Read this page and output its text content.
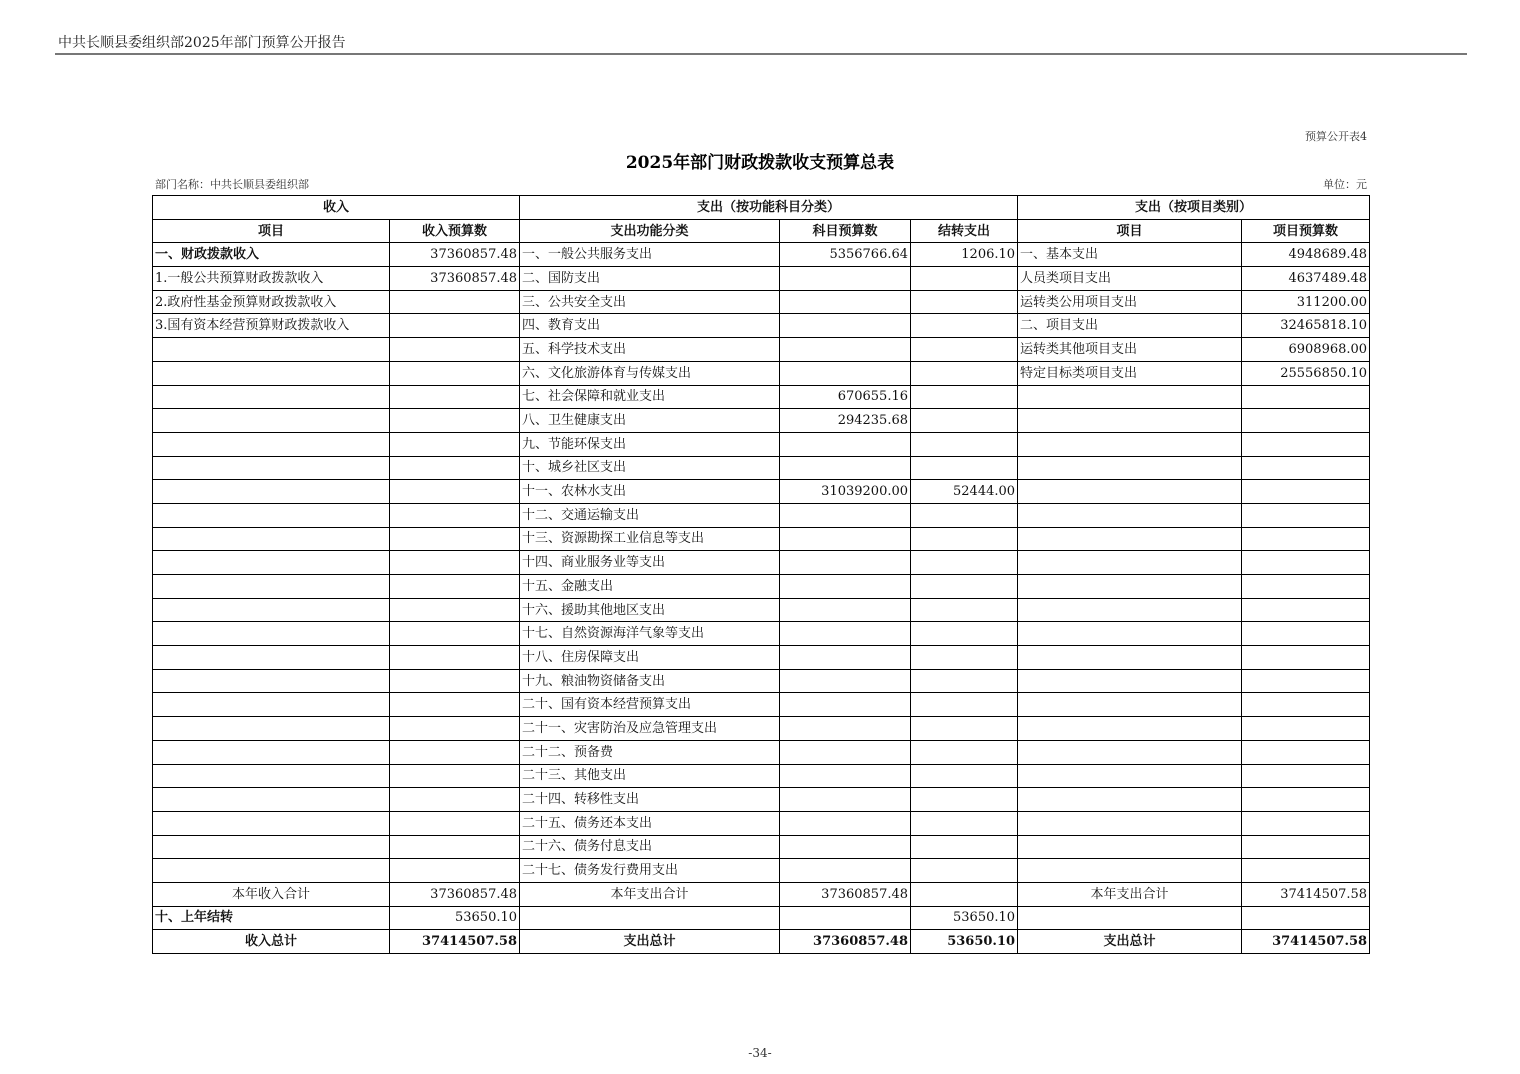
中共长顺县委组织部2025年部门预算公开报告
预算公开表4
2025年部门财政拨款收支预算总表
部门名称：中共长顺县委组织部	单位：元
收入		支出（按功能科目分类）			支出（按项目类别）	
项目	收入预算数	支出功能分类	科目预算数	结转支出	项目	项目预算数
一、财政拨款收入	37360857.48	一、一般公共服务支出	5356766.64	1206.10	一、基本支出	4948689.48
1.一般公共预算财政拨款收入	37360857.48	二、国防支出			人员类项目支出	4637489.48
2.政府性基金预算财政拨款收入		三、公共安全支出			运转类公用项目支出	311200.00
3.国有资本经营预算财政拨款收入		四、教育支出			二、项目支出	32465818.10
		五、科学技术支出			运转类其他项目支出	6908968.00
		六、文化旅游体育与传媒支出			特定目标类项目支出	25556850.10
		七、社会保障和就业支出	670655.16			
		八、卫生健康支出	294235.68			
		九、节能环保支出				
		十、城乡社区支出				
		十一、农林水支出	31039200.00	52444.00		
		十二、交通运输支出				
		十三、资源勘探工业信息等支出				
		十四、商业服务业等支出				
		十五、金融支出				
		十六、援助其他地区支出				
		十七、自然资源海洋气象等支出				
		十八、住房保障支出				
		十九、粮油物资储备支出				
		二十、国有资本经营预算支出				
		二十一、灾害防治及应急管理支出				
		二十二、预备费				
		二十三、其他支出				
		二十四、转移性支出				
		二十五、债务还本支出				
		二十六、债务付息支出				
		二十七、债务发行费用支出				
本年收入合计	37360857.48	本年支出合计	37360857.48		本年支出合计	37414507.58
十、上年结转	53650.10			53650.10		
收入总计	37414507.58	支出总计	37360857.48	53650.10	支出总计	37414507.58
-34-
